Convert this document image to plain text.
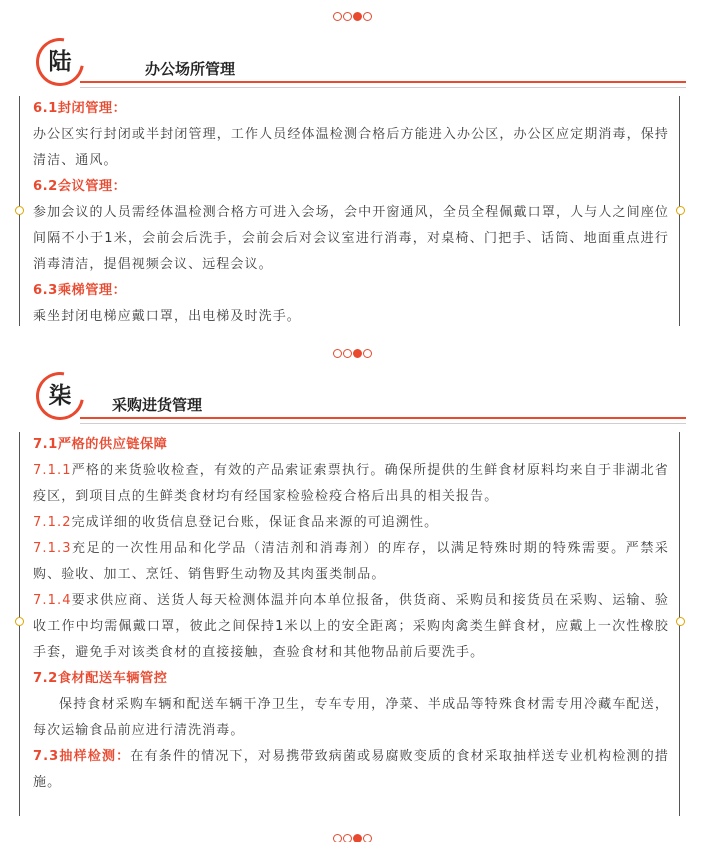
陆	办公场所管理
6.1封闭管理：
办公区实行封闭或半封闭管理，工作人员经体温检测合格后方能进入办公区，办公区应定期消毒，保持清洁、通风。
6.2会议管理：
参加会议的人员需经体温检测合格方可进入会场，会中开窗通风，全员全程佩戴口罩，人与人之间座位间隔不小于1米，会前会后洗手，会前会后对会议室进行消毒，对桌椅、门把手、话筒、地面重点进行消毒清洁，提倡视频会议、远程会议。
6.3乘梯管理：
乘坐封闭电梯应戴口罩，出电梯及时洗手。
柒	采购进货管理
7.1严格的供应链保障
7.1.1严格的来货验收检查，有效的产品索证索票执行。确保所提供的生鲜食材原料均来自于非湖北省疫区，到项目点的生鲜类食材均有经国家检验检疫合格后出具的相关报告。
7.1.2完成详细的收货信息登记台账，保证食品来源的可追溯性。
7.1.3充足的一次性用品和化学品（清洁剂和消毒剂）的库存，以满足特殊时期的特殊需要。严禁采购、验收、加工、烹饪、销售野生动物及其肉蛋类制品。
7.1.4要求供应商、送货人每天检测体温并向本单位报备，供货商、采购员和接货员在采购、运输、验收工作中均需佩戴口罩，彼此之间保持1米以上的安全距离；采购肉禽类生鲜食材，应戴上一次性橡胶手套，避免手对该类食材的直接接触，查验食材和其他物品前后要洗手。
7.2食材配送车辆管控
保持食材采购车辆和配送车辆干净卫生，专车专用，净菜、半成品等特殊食材需专用冷藏车配送，每次运输食品前应进行清洗消毒。
7.3抽样检测：在有条件的情况下，对易携带致病菌或易腐败变质的食材采取抽样送专业机构检测的措施。
